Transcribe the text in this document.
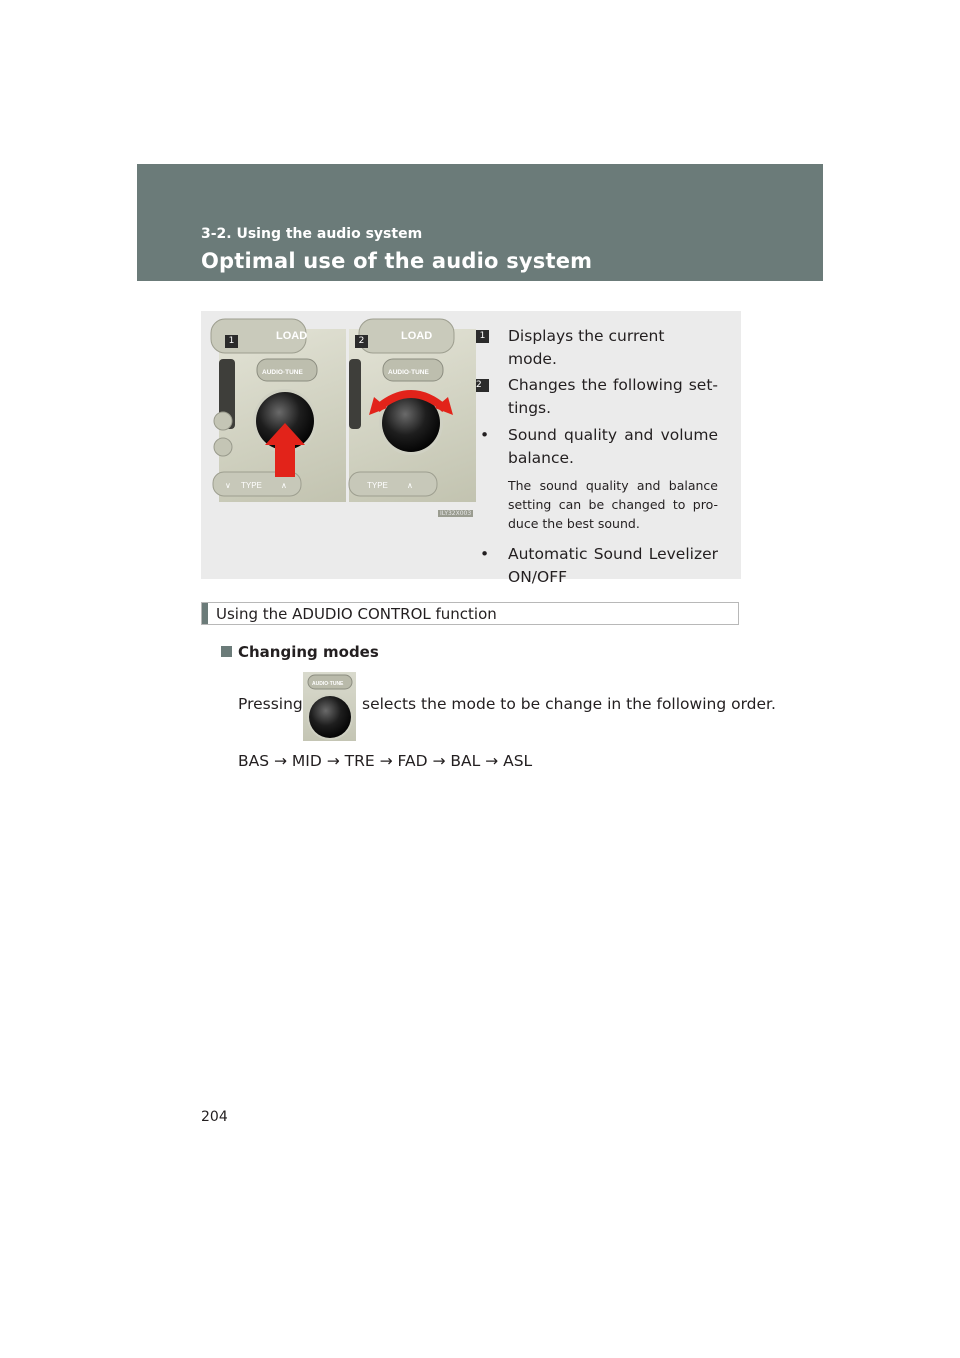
3-2. Using the audio system
Optimal use of the audio system
LOAD
AUDIO·TUNE
∨ TYPE ∧
1	LOAD
AUDIO·TUNE
TYPE ∧
2
ILY32X003
1 Displays the current mode.
2	Changes the following set-tings.
• Sound quality and volume balance.
The sound quality and balance setting can be changed to pro-duce the best sound.
• Automatic Sound Levelizer ON/OFF
Using the ADUDIO CONTROL function
Changing modes
Pressing
AUDIO·TUNE
selects the mode to be change in the following order.
BAS → MID → TRE → FAD → BAL → ASL
204
